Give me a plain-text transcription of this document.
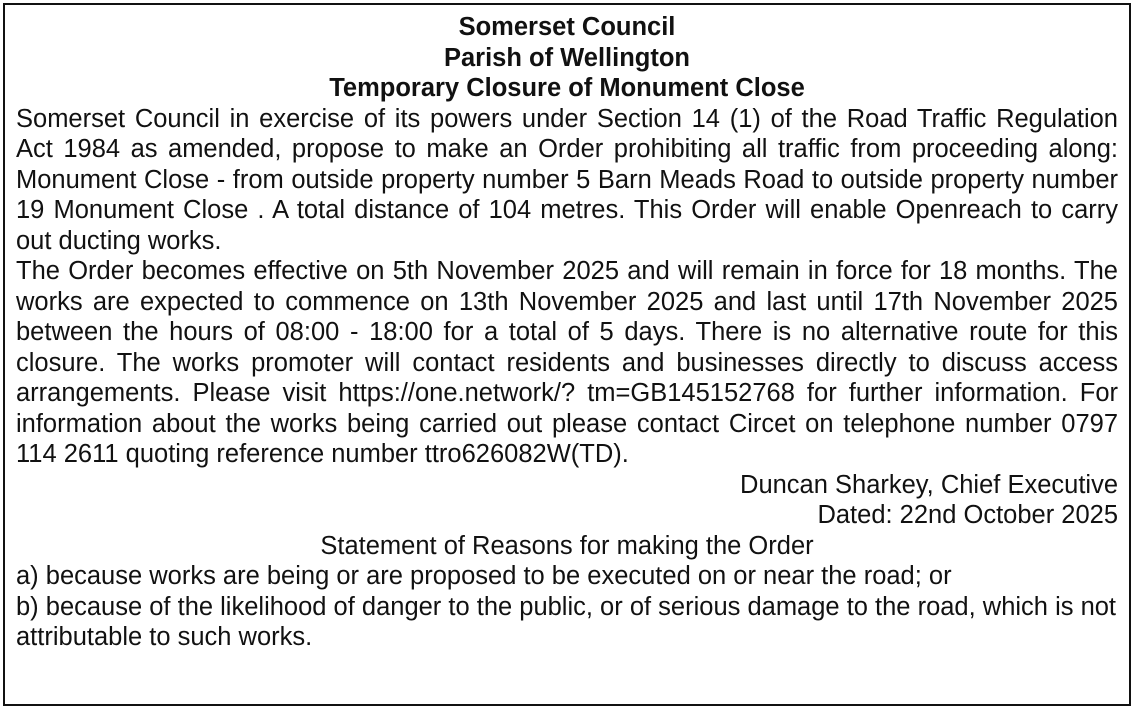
Somerset Council

Parish of Wellington

Temporary Closure of Monument Close

Somerset Council in exercise of its powers under Section 14 (1) of the Road Traffic Regulation Act 1984 as amended, propose to make an Order prohibiting all traffic from proceeding along: Monument Close - from outside property number 5 Barn Meads Road to outside property number 19 Monument Close . A total distance of 104 metres. This Order will enable Openreach to carry out ducting works.

The Order becomes effective on 5th November 2025 and will remain in force for 18 months. The works are expected to commence on 13th November 2025 and last until 17th November 2025 between the hours of 08:00 - 18:00 for a total of 5 days. There is no alternative route for this closure. The works promoter will contact residents and businesses directly to discuss access arrangements. Please visit https://one.network/? tm=GB145152768 for further information. For information about the works being carried out please contact Circet on telephone number 0797 114 2611 quoting reference number ttro626082W(TD).

Duncan Sharkey, Chief Executive

Dated: 22nd October 2025

Statement of Reasons for making the Order

a) because works are being or are proposed to be executed on or near the road; or

b) because of the likelihood of danger to the public, or of serious damage to the road, which is not attributable to such works.
